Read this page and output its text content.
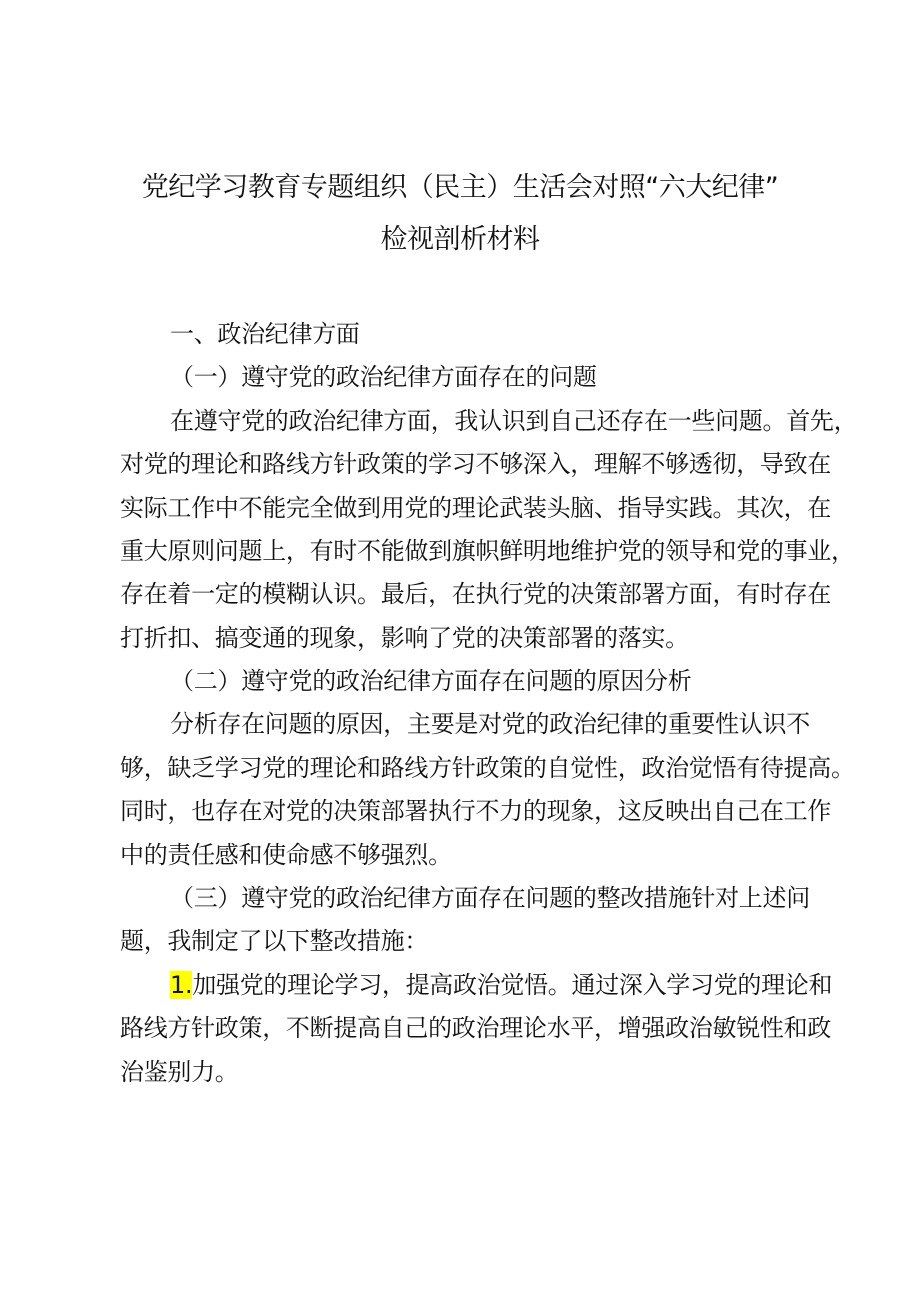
党纪学习教育专题组织（民主）生活会对照“六大纪律”
检视剖析材料
一、政治纪律方面
（一）遵守党的政治纪律方面存在的问题
在遵守党的政治纪律方面，我认识到自己还存在一些问题。首先，
对党的理论和路线方针政策的学习不够深入，理解不够透彻，导致在
实际工作中不能完全做到用党的理论武装头脑、指导实践。其次，在
重大原则问题上，有时不能做到旗帜鲜明地维护党的领导和党的事业，
存在着一定的模糊认识。最后，在执行党的决策部署方面，有时存在
打折扣、搞变通的现象，影响了党的决策部署的落实。
（二）遵守党的政治纪律方面存在问题的原因分析
分析存在问题的原因，主要是对党的政治纪律的重要性认识不
够，缺乏学习党的理论和路线方针政策的自觉性，政治觉悟有待提高。
同时，也存在对党的决策部署执行不力的现象，这反映出自己在工作
中的责任感和使命感不够强烈。
（三）遵守党的政治纪律方面存在问题的整改措施针对上述问
题，我制定了以下整改措施：
1.加强党的理论学习，提高政治觉悟。通过深入学习党的理论和
路线方针政策，不断提高自己的政治理论水平，增强政治敏锐性和政
治鉴别力。
